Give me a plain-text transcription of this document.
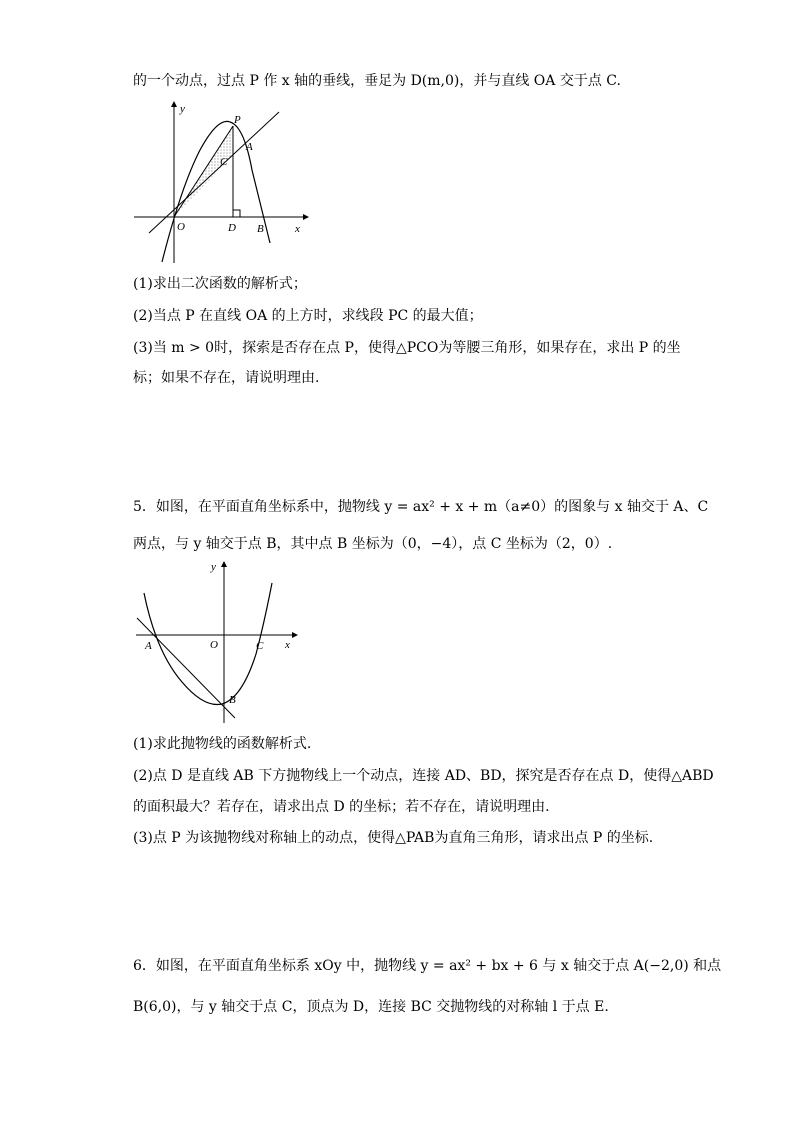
的一个动点，过点 P 作 x 轴的垂线，垂足为 D(m,0)，并与直线 OA 交于点 C.
y
x
O	D B
P
C
A
(1)求出二次函数的解析式；
(2)当点 P 在直线 OA 的上方时，求线段 PC 的最大值；
(3)当 m > 0时，探索是否存在点 P，使得△PCO为等腰三角形，如果存在，求出 P 的坐
标；如果不存在，请说明理由.
5．如图，在平面直角坐标系中，抛物线 y = ax² + x + m（a≠0）的图象与 x 轴交于 A、C
两点，与 y 轴交于点 B，其中点 B 坐标为（0，−4），点 C 坐标为（2，0）.
y
x
O
A	C
B
(1)求此抛物线的函数解析式.
(2)点 D 是直线 AB 下方抛物线上一个动点，连接 AD、BD，探究是否存在点 D，使得△ABD
的面积最大？若存在，请求出点 D 的坐标；若不存在，请说明理由.
(3)点 P 为该抛物线对称轴上的动点，使得△PAB为直角三角形，请求出点 P 的坐标.
6．如图，在平面直角坐标系 xOy 中，抛物线 y = ax² + bx + 6 与 x 轴交于点 A(−2,0) 和点
B(6,0)，与 y 轴交于点 C，顶点为 D，连接 BC 交抛物线的对称轴 l 于点 E.
